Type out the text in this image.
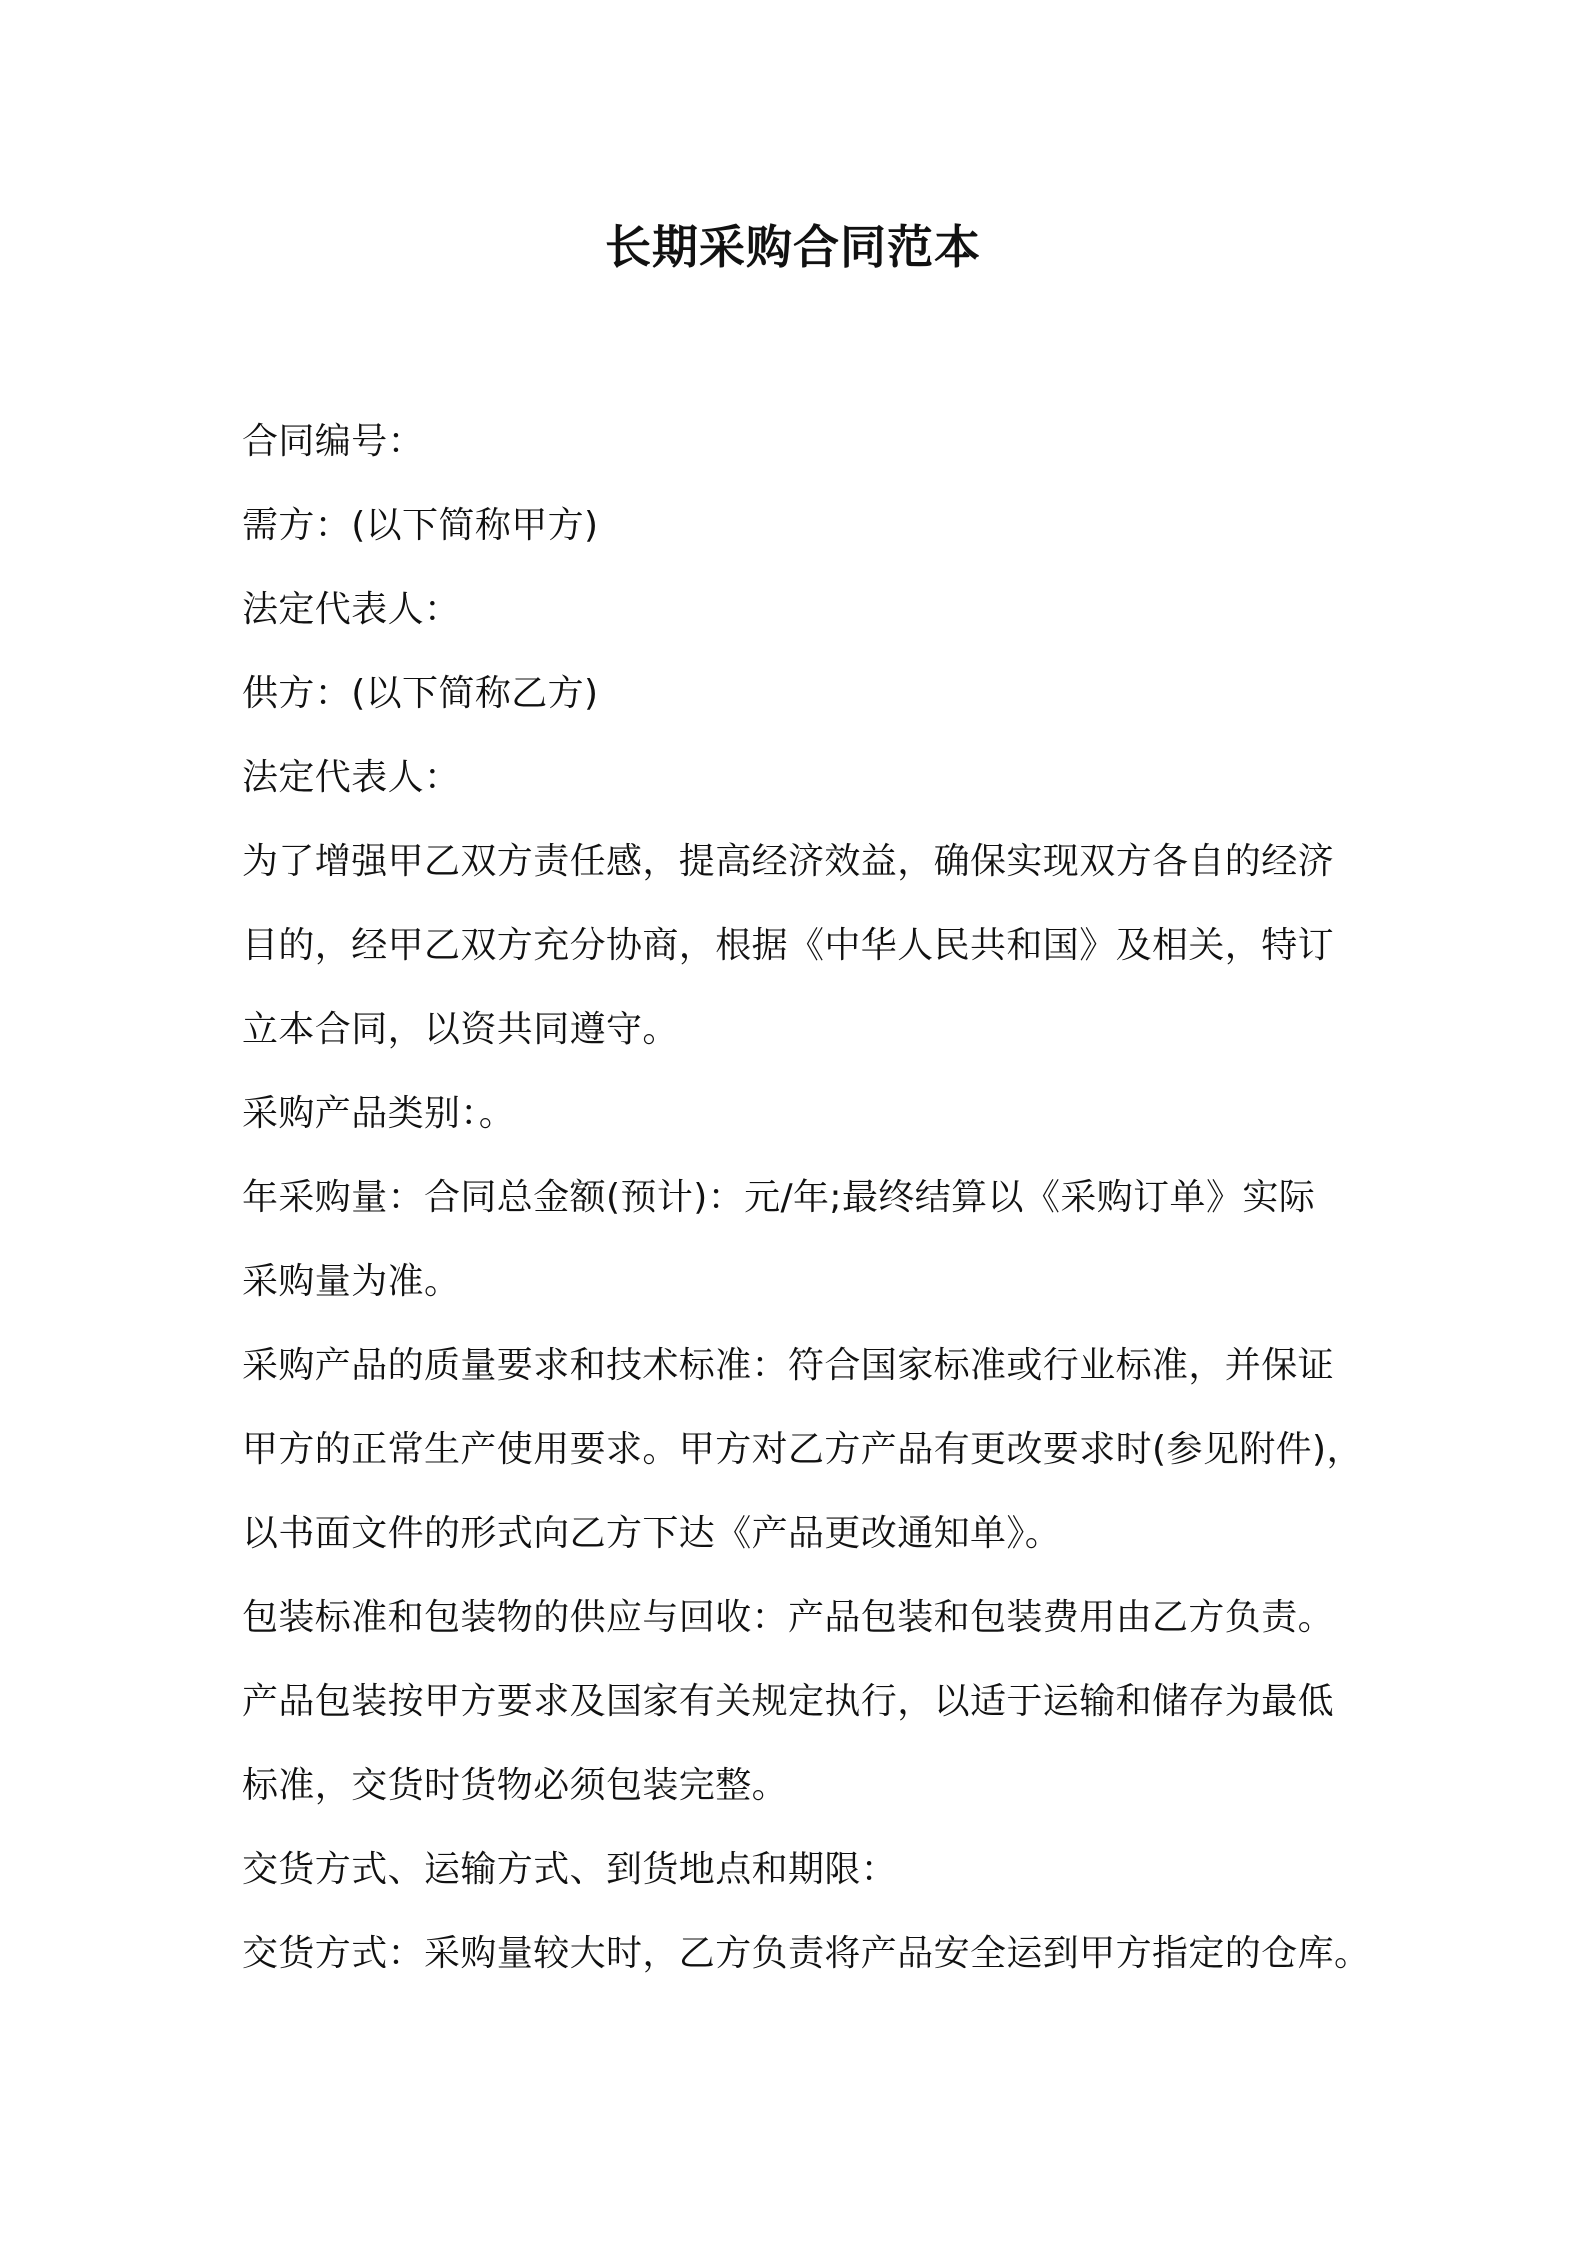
长期采购合同范本
合同编号：
需方：(以下简称甲方)
法定代表人：
供方：(以下简称乙方)
法定代表人：
为了增强甲乙双方责任感，提高经济效益，确保实现双方各自的经济
目的，经甲乙双方充分协商，根据《中华人民共和国》及相关，特订
立本合同，以资共同遵守。
采购产品类别：。
年采购量：合同总金额(预计)：元/年;最终结算以《采购订单》实际
采购量为准。
采购产品的质量要求和技术标准：符合国家标准或行业标准，并保证
甲方的正常生产使用要求。甲方对乙方产品有更改要求时(参见附件)，
以书面文件的形式向乙方下达《产品更改通知单》。
包装标准和包装物的供应与回收：产品包装和包装费用由乙方负责。
产品包装按甲方要求及国家有关规定执行，以适于运输和储存为最低
标准，交货时货物必须包装完整。
交货方式、运输方式、到货地点和期限：
交货方式：采购量较大时，乙方负责将产品安全运到甲方指定的仓库。
